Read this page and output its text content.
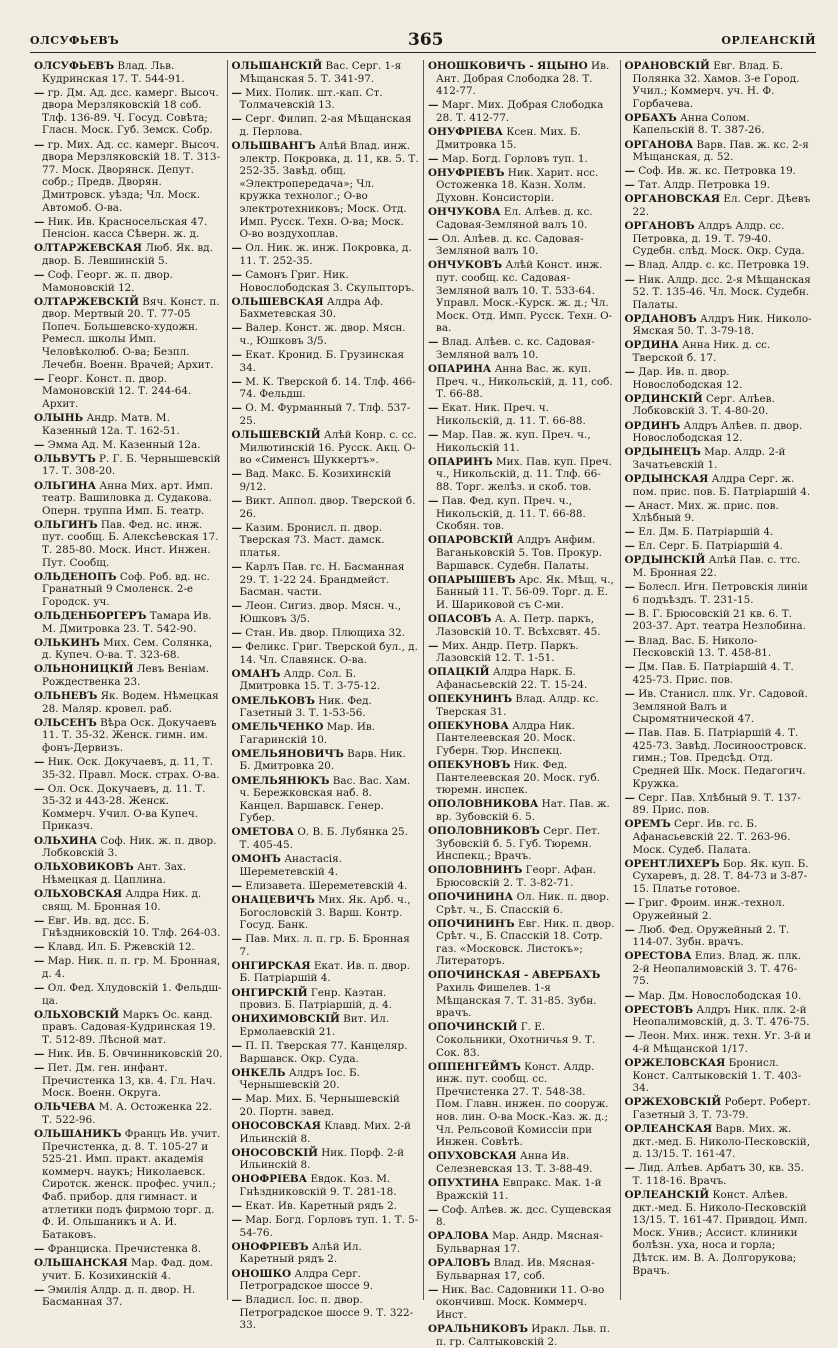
ОЛСУФЬЕВЪ	365	ОРЛЕАНСКІЙ

ОЛСУФЬЕВЪ Влад. Льв. Кудринская 17. Т. 544-91.

— гр. Дм. Ад. дсс. камерг. Высоч. двора Мерзляковскій 18 соб. Тлф. 136-89. Ч. Госуд. Совѣта; Гласн. Моск. Губ. Земск. Собр.

— гр. Мих. Ад. сс. камерг. Высоч. двора Мерзляковскій 18. Т. 313-77. Моск. Дворянск. Депут. собр.; Предв. Дворян. Дмитровск. уѣзда; Чл. Моск. Автомоб. О-ва.

— Ник. Ив. Красносельская 47. Пенсіон. касса Сѣверн. ж. д.

ОЛТАРЖЕВСКАЯ Люб. Як. вд. двор. Б. Левшинскій 5.

— Соф. Георг. ж. п. двор. Мамоновскій 12.

ОЛТАРЖЕВСКІЙ Вяч. Конст. п. двор. Мертвый 20. Т. 77-05 Попеч. Большевско-художн. Ремесл. школы Имп. Человѣколюб. О-ва; Безпл. Лечебн. Военн. Врачей; Архит.

— Георг. Конст. п. двор. Мамоновскій 12. Т. 244-64. Архит.

ОЛЫНЬ Андр. Матв. М. Казенный 12а. Т. 162-51.

— Эмма Ад. М. Казенный 12а.

ОЛЬВУТЪ Р. Г. Б. Чернышевскій 17. Т. 308-20.

ОЛЬГИНА Анна Мих. арт. Имп. театр. Вашиловка д. Судакова. Оперн. труппа Имп. Б. театр.

ОЛЬГИНЪ Пав. Фед. нс. инж. пут. сообщ. Б. Алексѣевская 17. Т. 285-80. Моск. Инст. Инжен. Пут. Сообщ.

ОЛЬДЕНОПЪ Соф. Роб. вд. нс. Гранатный 9 Смоленск. 2-е Городск. уч.

ОЛЬДЕНБОРГЕРЪ Тамара Ив. М. Дмитровка 23. Т. 542-90.

ОЛЬКИНЪ Мих. Сем. Солянка, д. Купеч. О-ва. Т. 323-68.

ОЛЬНОНИЦКІЙ Левъ Веніам. Рождественка 23.

ОЛЬНЕВЪ Як. Водем. Нѣмецкая 28. Маляр. кровел. раб.

ОЛЬСЕНЪ Вѣра Оск. Докучаевъ 11. Т. 35-32. Женск. гимн. им. фонъ-Дервизъ.

— Ник. Оск. Докучаевъ, д. 11, Т. 35-32. Правл. Моск. страх. О-ва.

— Ол. Оск. Докучаевъ, д. 11. Т. 35-32 и 443-28. Женск. Коммерч. Учил. О-ва Купеч. Приказч.

ОЛЬХИНА Соф. Ник. ж. п. двор. Лобковскій 3.

ОЛЬХОВИКОВЪ Ант. Зах. Нѣмецкая д. Цаплина.

ОЛЬХОВСКАЯ Алдра Ник. д. свящ. М. Бронная 10.

— Евг. Ив. вд. дсс. Б. Гнѣздниковскій 10. Тлф. 264-03.

— Клавд. Ил. Б. Ржевскій 12.

— Мар. Ник. п. п. гр. М. Бронная, д. 4.

— Ол. Фед. Хлудовскій 1. Фельдш-ца.

ОЛЬХОВСКІЙ Маркъ Ос. канд. правъ. Садовая-Кудринская 19. Т. 512-89. Лѣсной мат.

— Ник. Ив. Б. Овчинниковскій 20.

— Пет. Дм. ген. инфант. Пречистенка 13, кв. 4. Гл. Нач. Моск. Военн. Округа.

ОЛЬЧЕВА М. А. Остоженка 22. Т. 522-96.

ОЛЬШАНИКЪ Францъ Ив. учит. Пречистенка, д. 8. Т. 105-27 и 525-21. Имп. практ. академія коммерч. наукъ; Николаевск. Сиротск. женск. профес. учил.; Фаб. прибор. для гимнаст. и атлетики подъ фирмою торг. д. Ф. И. Ольшаникъ и А. И. Батаковъ.

— Франциска. Пречистенка 8.

ОЛЬШАНСКАЯ Мар. Фад. дом. учит. Б. Козихинскій 4.

— Эмилія Алдр. д. п. двор. Н. Басманная 37.

ОЛЬШАНСКІЙ Вас. Серг. 1-я Мѣщанская 5. Т. 341-97.

— Мих. Полик. шт.-кап. Ст. Толмачевскій 13.

— Серг. Филип. 2-ая Мѣщанская д. Перлова.

ОЛЬШВАНГЪ Алѣй Влад. инж. электр. Покровка, д. 11, кв. 5. Т. 252-35. Завѣд. общ. «Электропередача»; Чл. кружка технолог.; О-во электротехниковъ; Моск. Отд. Имп. Русск. Техн. О-ва; Моск. О-во воздухоплав.

— Ол. Ник. ж. инж. Покровка, д. 11. Т. 252-35.

— Самонъ Григ. Ник. Новослободская 3. Скульпторъ.

ОЛЬШЕВСКАЯ Алдра Аф. Бахметевская 30.

— Валер. Конст. ж. двор. Мясн. ч., Юшковъ 3/5.

— Екат. Кронид. Б. Грузинская 34.

— М. К. Тверской б. 14. Тлф. 466-74. Фельдш.

— О. М. Фурманный 7. Тлф. 537-25.

ОЛЬШЕВСКІЙ Алѣй Конр. с. сс. Милютинскій 16. Русск. Акц. О-во «Сименсъ Шуккертъ».

— Вад. Макс. Б. Козихинскій 9/12.

— Викт. Аппол. двор. Тверской б. 26.

— Казим. Бронисл. п. двор. Тверская 73. Маст. дамск. платья.

— Карлъ Пав. гс. Н. Басманная 29. Т. 1-22 24. Брандмейст. Басман. части.

— Леон. Сигиз. двор. Мясн. ч., Юшковъ 3/5.

— Стан. Ив. двор. Плющиха 32.

— Феликс. Григ. Тверской бул., д. 14. Чл. Славянск. О-ва.

ОМАНЪ Алдр. Сол. Б. Дмитровка 15. Т. 3-75-12.

ОМЕЛЬКОВЪ Ник. Фед. Газетный 3. Т. 1-53-56.

ОМЕЛЬЧЕНКО Мар. Ив. Гагаринскій 10.

ОМЕЛЬЯНОВИЧЪ Варв. Ник. Б. Дмитровка 20.

ОМЕЛЬЯНЮКЪ Вас. Вас. Хам. ч. Бережковская наб. 8. Канцел. Варшавск. Генер. Губер.

ОМЕТОВА О. В. Б. Лубянка 25. Т. 405-45.

ОМОНЪ Анастасія. Шереметевскій 4.

— Елизавета. Шереметевскій 4.

ОНАЦЕВИЧЪ Мих. Як. Арб. ч., Богословскій 3. Варш. Контр. Госуд. Банк.

— Пав. Мих. л. п. гр. Б. Бронная 7.

ОНГИРСКАЯ Екат. Ив. п. двор. Б. Патріаршій 4.

ОНГИРСКІЙ Генр. Каэтан. провиз. Б. Патріаршій, д. 4.

ОНИХИМОВСКІЙ Вит. Ил. Ермолаевскій 21.

— П. П. Тверская 77. Канцеляр. Варшавск. Окр. Суда.

ОНКЕЛЬ Алдръ Іос. Б. Чернышевскій 20.

— Мар. Мих. Б. Чернышевскій 20. Портн. завед.

ОНОСОВСКАЯ Клавд. Мих. 2-й Ильинскій 8.

ОНОСОВСКІЙ Ник. Порф. 2-й Ильинскій 8.

ОНОФРІЕВА Евдок. Коз. М. Гнѣздниковскій 9. Т. 281-18.

— Екат. Ив. Каретный рядъ 2.

— Мар. Богд. Горловъ туп. 1. Т. 5-54-76.

ОНОФРІЕВЪ Алѣй Ил. Каретный рядъ 2.

ОНОШКО Алдра Серг. Петроградское шоссе 9.

— Владисл. Іос. п. двор. Петроградское шоссе 9. Т. 322-33.

ОНОШКОВИЧЪ - ЯЦЫНО Ив. Ант. Добрая Слободка 28. Т. 412-77.

— Марг. Мих. Добрая Слободка 28. Т. 412-77.

ОНУФРІЕВА Ксен. Мих. Б. Дмитровка 15.

— Мар. Богд. Горловъ туп. 1.

ОНУФРІЕВЪ Ник. Харит. нсс. Остоженка 18. Казн. Холм. Духовн. Консисторіи.

ОНЧУКОВА Ел. Алѣев. д. кс. Садовая-Земляной валъ 10.

— Ол. Алѣев. д. кс. Садовая-Земляной валъ 10.

ОНЧУКОВЪ Алѣй Конст. инж. пут. сообщ. кс. Садовая-Земляной валъ 10. Т. 533-64. Управл. Моск.-Курск. ж. д.; Чл. Моск. Отд. Имп. Русск. Техн. О-ва.

— Влад. Алѣев. с. кс. Садовая-Земляной валъ 10.

ОПАРИНА Анна Вас. ж. куп. Преч. ч., Никольскій, д. 11, соб. Т. 66-88.

— Екат. Ник. Преч. ч. Никольскій, д. 11. Т. 66-88.

— Мар. Пав. ж. куп. Преч. ч., Никольскій 11.

ОПАРИНЪ Мих. Пав. куп. Преч. ч., Никольскій, д. 11. Тлф. 66-88. Торг. желѣз. и скоб. тов.

— Пав. Фед. куп. Преч. ч., Никольскій, д. 11. Т. 66-88. Скобян. тов.

ОПАРОВСКІЙ Алдръ Анфим. Ваганьковскій 5. Тов. Прокур. Варшавск. Судебн. Палаты.

ОПАРЫШЕВЪ Арс. Як. Мѣщ. ч., Банный 11. Т. 56-09. Торг. д. Е. И. Шариковой съ С-ми.

ОПАСОВЪ А. А. Петр. паркъ, Лазовскій 10. Т. Всѣхсвят. 45.

— Мих. Андр. Петр. Паркъ. Лазовскій 12. Т. 1-51.

ОПАЦКІЙ Алдра Нарк. Б. Афанасьевскій 22. Т. 15-24.

ОПЕКУНИНЪ Влад. Алдр. кс. Тверская 31.

ОПЕКУНОВА Алдра Ник. Пантелеевская 20. Моск. Губерн. Тюр. Инспекц.

ОПЕКУНОВЪ Ник. Фед. Пантелеевская 20. Моск. губ. тюремн. инспек.

ОПОЛОВНИКОВА Нат. Пав. ж. вр. Зубовскій 6. 5.

ОПОЛОВНИКОВЪ Серг. Пет. Зубовскій б. 5. Губ. Тюремн. Инспекц.; Врачъ.

ОПОЛОВНИНЪ Георг. Афан. Брюсовскій 2. Т. 3-82-71.

ОПОЧИНИНА Ол. Ник. п. двор. Срѣт. ч., Б. Спасскій 6.

ОПОЧИНИНЪ Евг. Ник. п. двор. Срѣт. ч., Б. Спасскій 18. Сотр. газ. «Московск. Листокъ»; Литераторъ.

ОПОЧИНСКАЯ - АВЕРБАХЪ Рахиль Фишелев. 1-я Мѣщанская 7. Т. 31-85. Зубн. врачъ.

ОПОЧИНСКІЙ Г. Е. Сокольники, Охотничья 9. Т. Сок. 83.

ОППЕНГЕЙМЪ Конст. Алдр. инж. пут. сообщ. сс. Пречистенка 27. Т. 548-38. Пом. Главн. инжен. по сооруж. нов. лин. О-ва Моск.-Каз. ж. д.; Чл. Рельсовой Комиссіи при Инжен. Совѣтѣ.

ОПУХОВСКАЯ Анна Ив. Селезневская 13. Т. 3-88-49.

ОПУХТИНА Евпракс. Мак. 1-й Вражскій 11.

— Соф. Алѣев. ж. дсс. Сущевская 8.

ОРАЛОВА Мар. Андр. Мясная-Бульварная 17.

ОРАЛОВЪ Влад. Ив. Мясная-Бульварная 17, соб.

— Ник. Вас. Садовники 11. О-во окончивш. Моск. Коммерч. Инст.

ОРАЛЬНИКОВЪ Иракл. Льв. п. п. гр. Салтыковскій 2.

ОРАНОВСКІЙ Евг. Влад. Б. Полянка 32. Хамов. 3-е Город. Учил.; Коммерч. уч. Н. Ф. Горбачева.

ОРБАХЪ Анна Солом. Капельскій 8. Т. 387-26.

ОРГАНОВА Варв. Пав. ж. кс. 2-я Мѣщанская, д. 52.

— Соф. Ив. ж. кс. Петровка 19.

— Тат. Алдр. Петровка 19.

ОРГАНОВСКАЯ Ел. Серг. Дѣевъ 22.

ОРГАНОВЪ Алдръ Алдр. сс. Петровка, д. 19. Т. 79-40. Судебн. слѣд. Моск. Окр. Суда.

— Влад. Алдр. с. кс. Петровка 19.

— Ник. Алдр. дсс. 2-я Мѣщанская 52. Т. 135-46. Чл. Моск. Судебн. Палаты.

ОРДАНОВЪ Алдръ Ник. Николо-Ямская 50. Т. 3-79-18.

ОРДИНА Анна Ник. д. сс. Тверской б. 17.

— Дар. Ив. п. двор. Новослободская 12.

ОРДИНСКІЙ Серг. Алѣев. Лобковскій 3. Т. 4-80-20.

ОРДИНЪ Алдръ Алѣев. п. двор. Новослободская 12.

ОРДЫНЕЦЪ Мар. Алдр. 2-й Зачатьевскій 1.

ОРДЫНСКАЯ Алдра Серг. ж. пом. прис. пов. Б. Патріаршій 4.

— Анаст. Мих. ж. прис. пов. Хлѣбный 9.

— Ел. Дм. Б. Патріаршій 4.

— Ел. Серг. Б. Патріаршій 4.

ОРДЫНСКІЙ Алѣй Пав. с. ттс. М. Бронная 22.

— Болесл. Игн. Петровскія линіи 6 подъѣздъ. Т. 231-15.

— В. Г. Брюсовскій 21 кв. 6. Т. 203-37. Арт. театра Незлобина.

— Влад. Вас. Б. Николо-Песковскій 13. Т. 458-81.

— Дм. Пав. Б. Патріаршій 4. Т. 425-73. Прис. пов.

— Ив. Станисл. плк. Уг. Садовой. Земляной Валъ и Сыромятнической 47.

— Пав. Пав. Б. Патріаршій 4. Т. 425-73. Завѣд. Лосиноостровск. гимн.; Тов. Предсѣд. Отд. Средней Шк. Моск. Педагогич. Кружка.

— Серг. Пав. Хлѣбный 9. Т. 137-89. Прис. пов.

ОРЕМЪ Серг. Ив. гс. Б. Афанасьевскій 22. Т. 263-96. Моск. Судеб. Палата.

ОРЕНТЛИХЕРЪ Бор. Як. куп. Б. Сухаревъ, д. 28. Т. 84-73 и 3-87-15. Платье готовое.

— Григ. Фроим. инж.-технол. Оружейный 2.

— Люб. Фед. Оружейный 2. Т. 114-07. Зубн. врачъ.

ОРЕСТОВА Елиз. Влад. ж. плк. 2-й Неопалимовскій 3. Т. 476-75.

— Мар. Дм. Новослободская 10.

ОРЕСТОВЪ Алдръ Ник. плк. 2-й Неопалимовскій, д. 3. Т. 476-75.

— Леон. Мих. инж. техн. Уг. 3-й и 4-й Мѣщанской 1/17.

ОРЖЕЛОВСКАЯ Бронисл. Конст. Салтыковскій 1. Т. 403-34.

ОРЖЕХОВСКІЙ Роберт. Роберт. Газетный 3. Т. 73-79.

ОРЛЕАНСКАЯ Варв. Мих. ж. дкт.-мед. Б. Николо-Песковскій, д. 13/15. Т. 161-47.

— Лид. Алѣев. Арбатъ 30, кв. 35. Т. 118-16. Врачъ.

ОРЛЕАНСКІЙ Конст. Алѣев. дкт.-мед. Б. Николо-Песковскій 13/15. Т. 161-47. Привдоц. Имп. Моск. Унив.; Ассист. клиники болѣзн. уха, носа и горла; Дѣтск. им. В. А. Долгорукова; Врачъ.
